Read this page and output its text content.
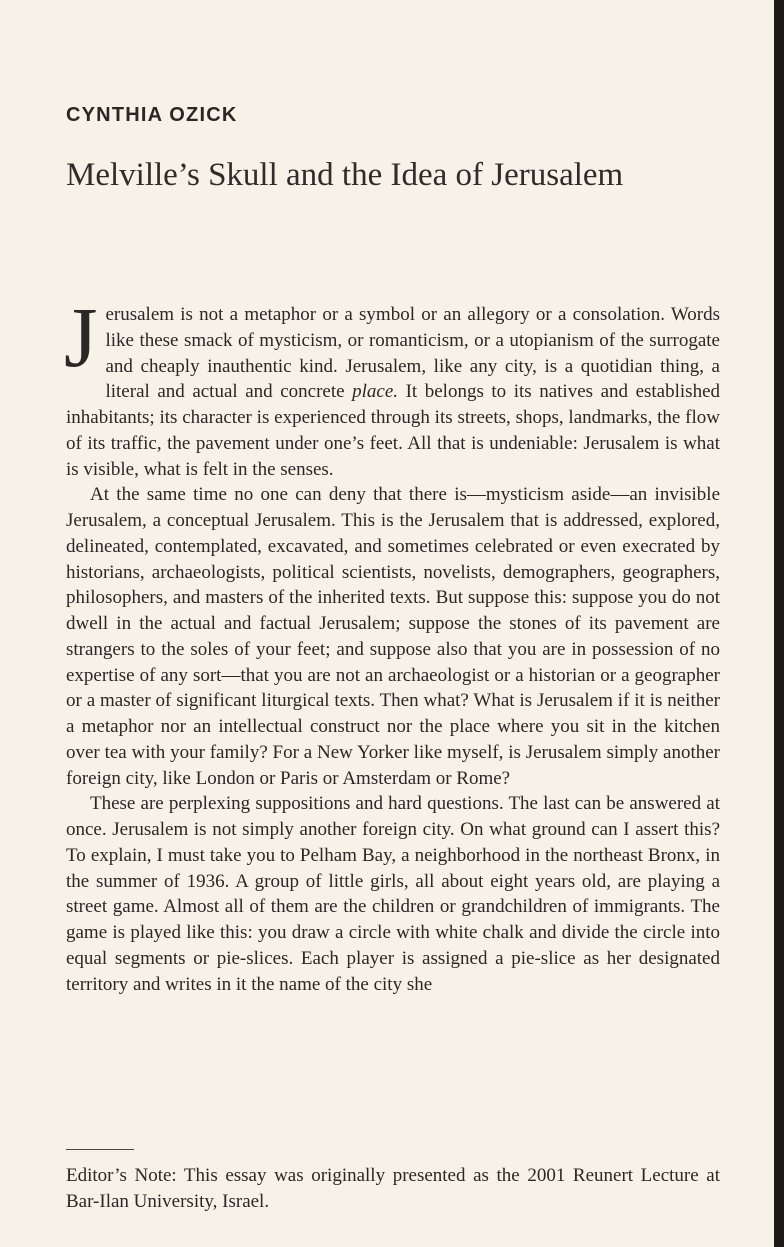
CYNTHIA OZICK
Melville’s Skull and the Idea of Jerusalem

Jerusalem is not a metaphor or a symbol or an allegory or a consolation. Words like these smack of mysticism, or romanticism, or a utopianism of the surrogate and cheaply inauthentic kind. Jerusalem, like any city, is a quotidian thing, a literal and actual and concrete place. It belongs to its natives and established inhabitants; its character is experienced through its streets, shops, landmarks, the flow of its traffic, the pavement under one’s feet. All that is undeniable: Jerusalem is what is visible, what is felt in the senses.

At the same time no one can deny that there is—mysticism aside—an invisible Jerusalem, a conceptual Jerusalem. This is the Jerusalem that is addressed, explored, delineated, contemplated, excavated, and sometimes celebrated or even execrated by historians, archaeologists, political scientists, novelists, demographers, geographers, philosophers, and masters of the inherited texts. But suppose this: suppose you do not dwell in the actual and factual Jerusalem; suppose the stones of its pavement are strangers to the soles of your feet; and suppose also that you are in possession of no expertise of any sort—that you are not an archaeologist or a historian or a geographer or a master of significant liturgical texts. Then what? What is Jerusalem if it is neither a metaphor nor an intellectual construct nor the place where you sit in the kitchen over tea with your family? For a New Yorker like myself, is Jerusalem simply another foreign city, like London or Paris or Amsterdam or Rome?

These are perplexing suppositions and hard questions. The last can be answered at once. Jerusalem is not simply another foreign city. On what ground can I assert this? To explain, I must take you to Pelham Bay, a neighborhood in the northeast Bronx, in the summer of 1936. A group of little girls, all about eight years old, are playing a street game. Almost all of them are the children or grandchildren of immigrants. The game is played like this: you draw a circle with white chalk and divide the circle into equal segments or pie-slices. Each player is assigned a pie-slice as her designated territory and writes in it the name of the city she

Editor’s Note: This essay was originally presented as the 2001 Reunert Lecture at Bar-Ilan University, Israel.
